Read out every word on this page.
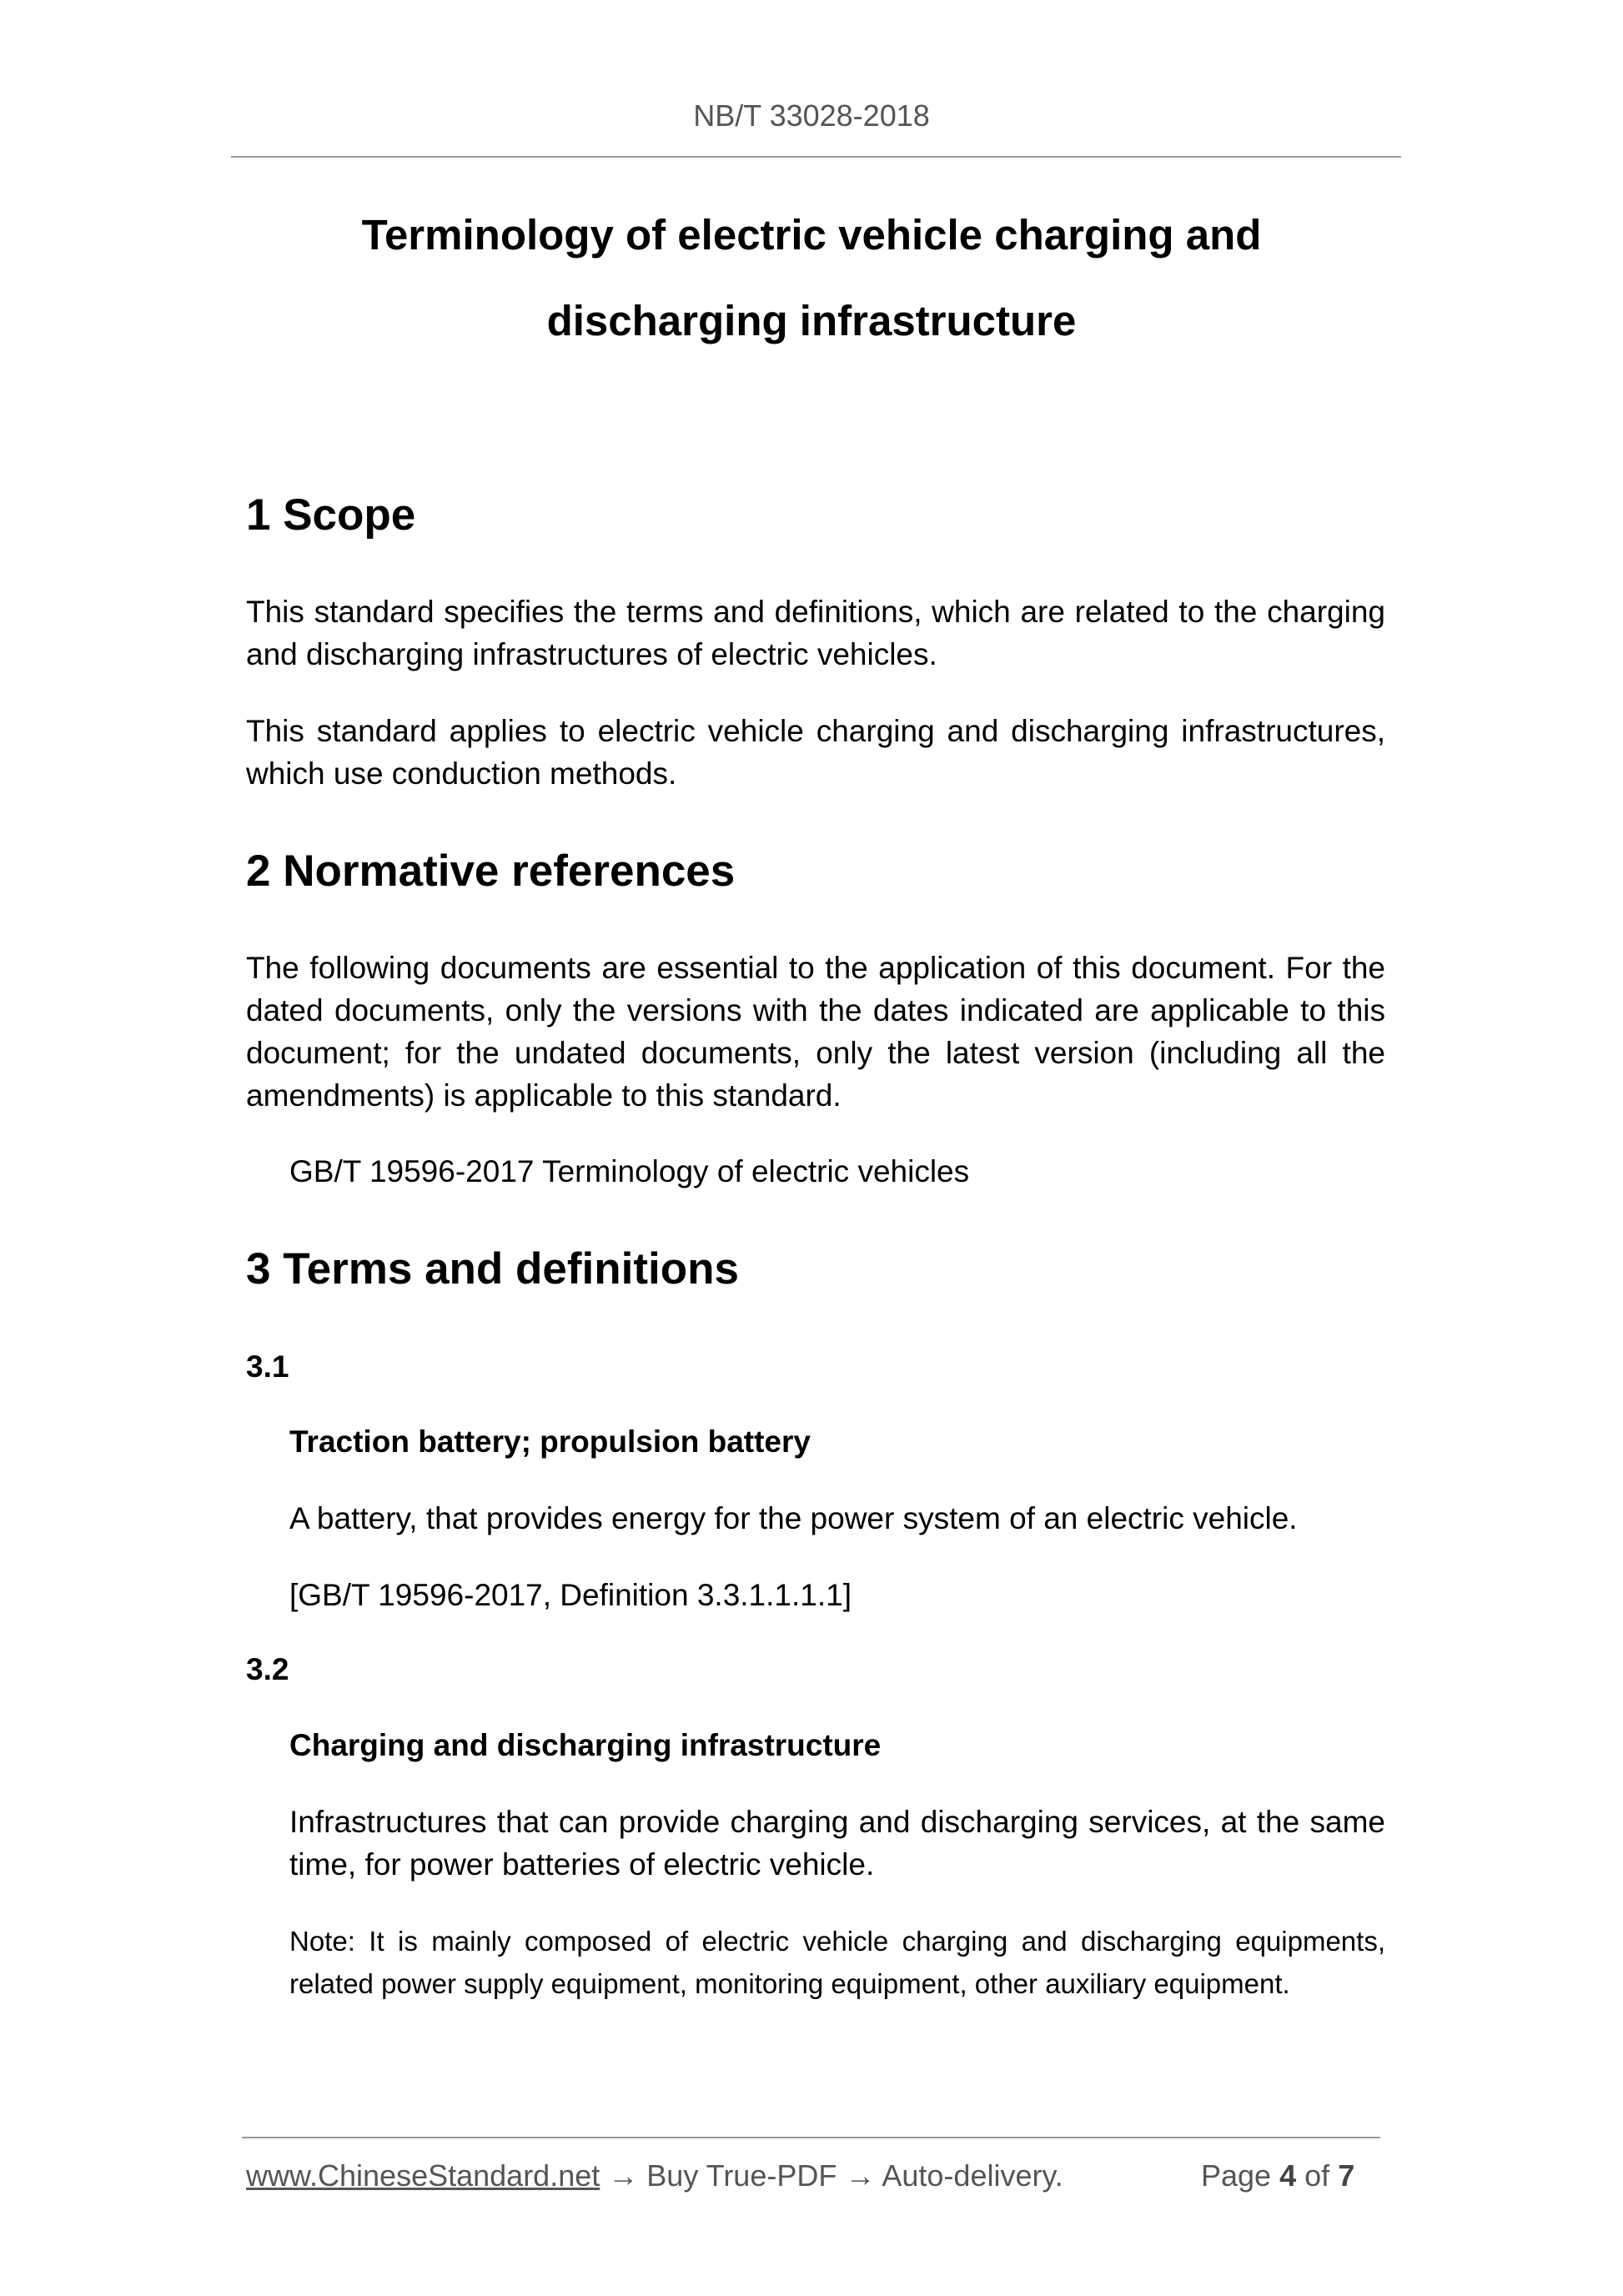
NB/T 33028-2018
Terminology of electric vehicle charging and
discharging infrastructure
1 Scope
This standard specifies the terms and definitions, which are related to the charging and discharging infrastructures of electric vehicles.
This standard applies to electric vehicle charging and discharging infrastructures, which use conduction methods.
2 Normative references
The following documents are essential to the application of this document. For the dated documents, only the versions with the dates indicated are applicable to this document; for the undated documents, only the latest version (including all the amendments) is applicable to this standard.
GB/T 19596-2017 Terminology of electric vehicles
3 Terms and definitions
3.1
Traction battery; propulsion battery
A battery, that provides energy for the power system of an electric vehicle.
[GB/T 19596-2017, Definition 3.3.1.1.1.1]
3.2
Charging and discharging infrastructure
Infrastructures that can provide charging and discharging services, at the same time, for power batteries of electric vehicle.
Note: It is mainly composed of electric vehicle charging and discharging equipments, related power supply equipment, monitoring equipment, other auxiliary equipment.
www.ChineseStandard.net → Buy True-PDF → Auto-delivery.	Page 4 of 7
